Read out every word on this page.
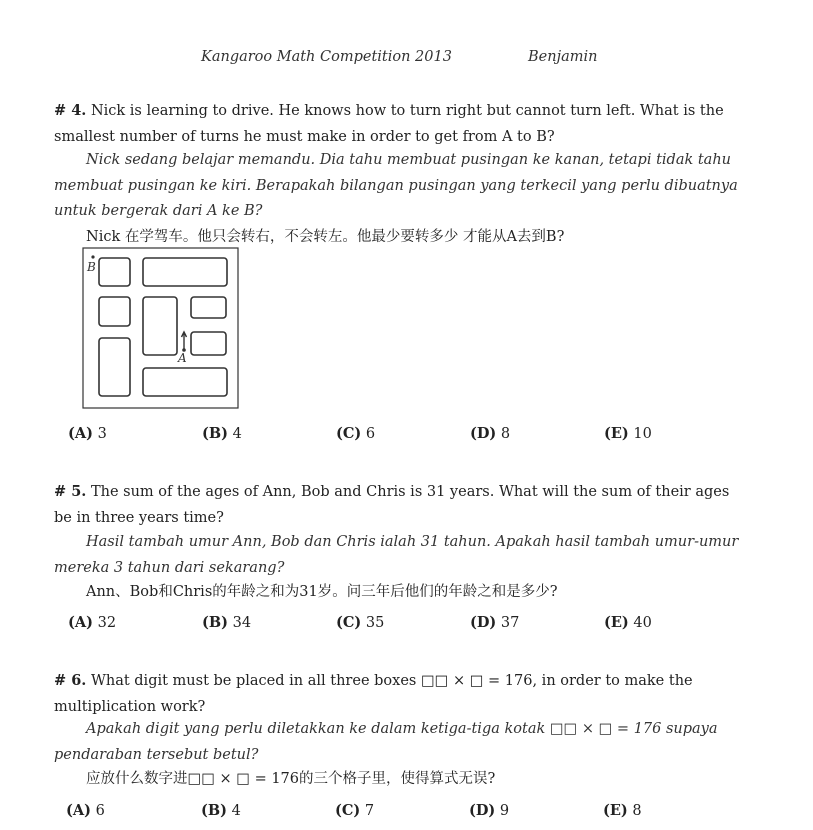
Kangaroo Math Competition 2013	Benjamin
# 4. Nick is learning to drive. He knows how to turn right but cannot turn left. What is the smallest number of turns he must make in order to get from A to B?
Nick sedang belajar memandu. Dia tahu membuat pusingan ke kanan, tetapi tidak tahu membuat pusingan ke kiri. Berapakah bilangan pusingan yang terkecil yang perlu dibuatnya untuk bergerak dari A ke B?
Nick 在学驾车。他只会转右，不会转左。他最少要转多少 才能从A去到B?
B
A
(A) 3	(B) 4	(C) 6	(D) 8	(E) 10
# 5. The sum of the ages of Ann, Bob and Chris is 31 years. What will the sum of their ages be in three years time?
Hasil tambah umur Ann, Bob dan Chris ialah 31 tahun. Apakah hasil tambah umur-umur mereka 3 tahun dari sekarang?
Ann、Bob和Chris的年龄之和为31岁。问三年后他们的年龄之和是多少?
(A) 32	(B) 34	(C) 35	(D) 37	(E) 40
# 6. What digit must be placed in all three boxes □□ × □ = 176, in order to make the multiplication work?
Apakah digit yang perlu diletakkan ke dalam ketiga-tiga kotak □□ × □ = 176 supaya pendaraban tersebut betul?
应放什么数字进□□ × □ = 176的三个格子里，使得算式无误?
(A) 6	(B) 4	(C) 7	(D) 9	(E) 8
